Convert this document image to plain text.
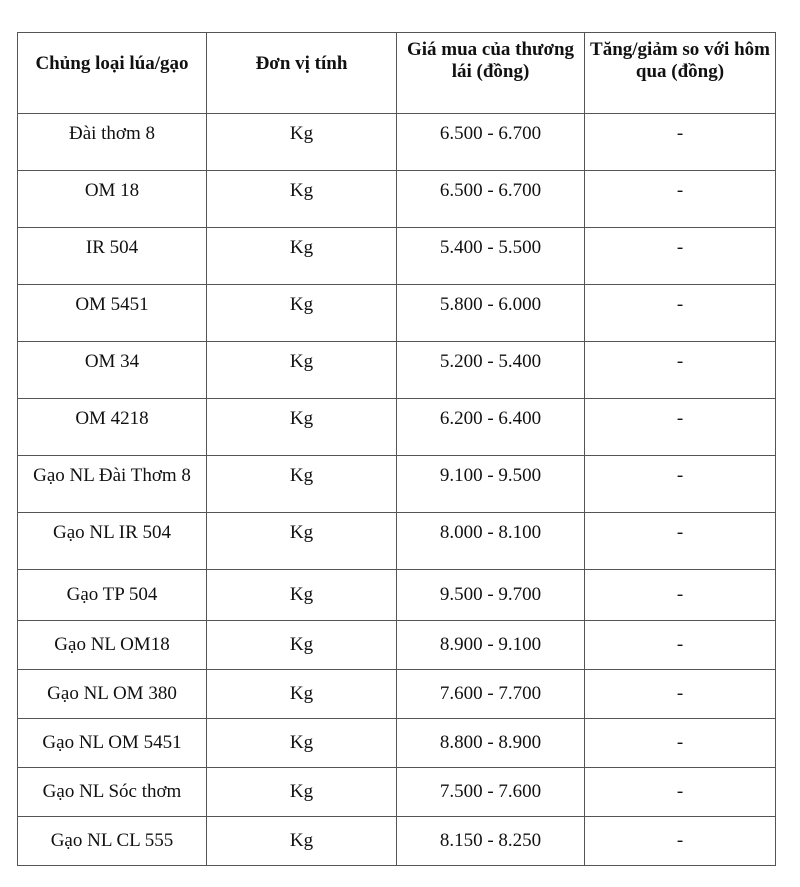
Chủng loại lúa/gạo	Đơn vị tính	Giá mua của thương lái (đồng)	Tăng/giảm so với hôm qua (đồng)
Đài thơm 8	Kg	6.500 - 6.700	-
OM 18	Kg	6.500 - 6.700	-
IR 504	Kg	5.400 - 5.500	-
OM 5451	Kg	5.800 - 6.000	-
OM 34	Kg	5.200 - 5.400	-
OM 4218	Kg	6.200 - 6.400	-
Gạo NL Đài Thơm 8	Kg	9.100 - 9.500	-
Gạo NL IR 504	Kg	8.000 - 8.100	-
Gạo TP 504	Kg	9.500 - 9.700	-
Gạo NL OM18	Kg	8.900 - 9.100	-
Gạo NL OM 380	Kg	7.600 - 7.700	-
Gạo NL OM 5451	Kg	8.800 - 8.900	-
Gạo NL Sóc thơm	Kg	7.500 - 7.600	-
Gạo NL CL 555	Kg	8.150 - 8.250	-
